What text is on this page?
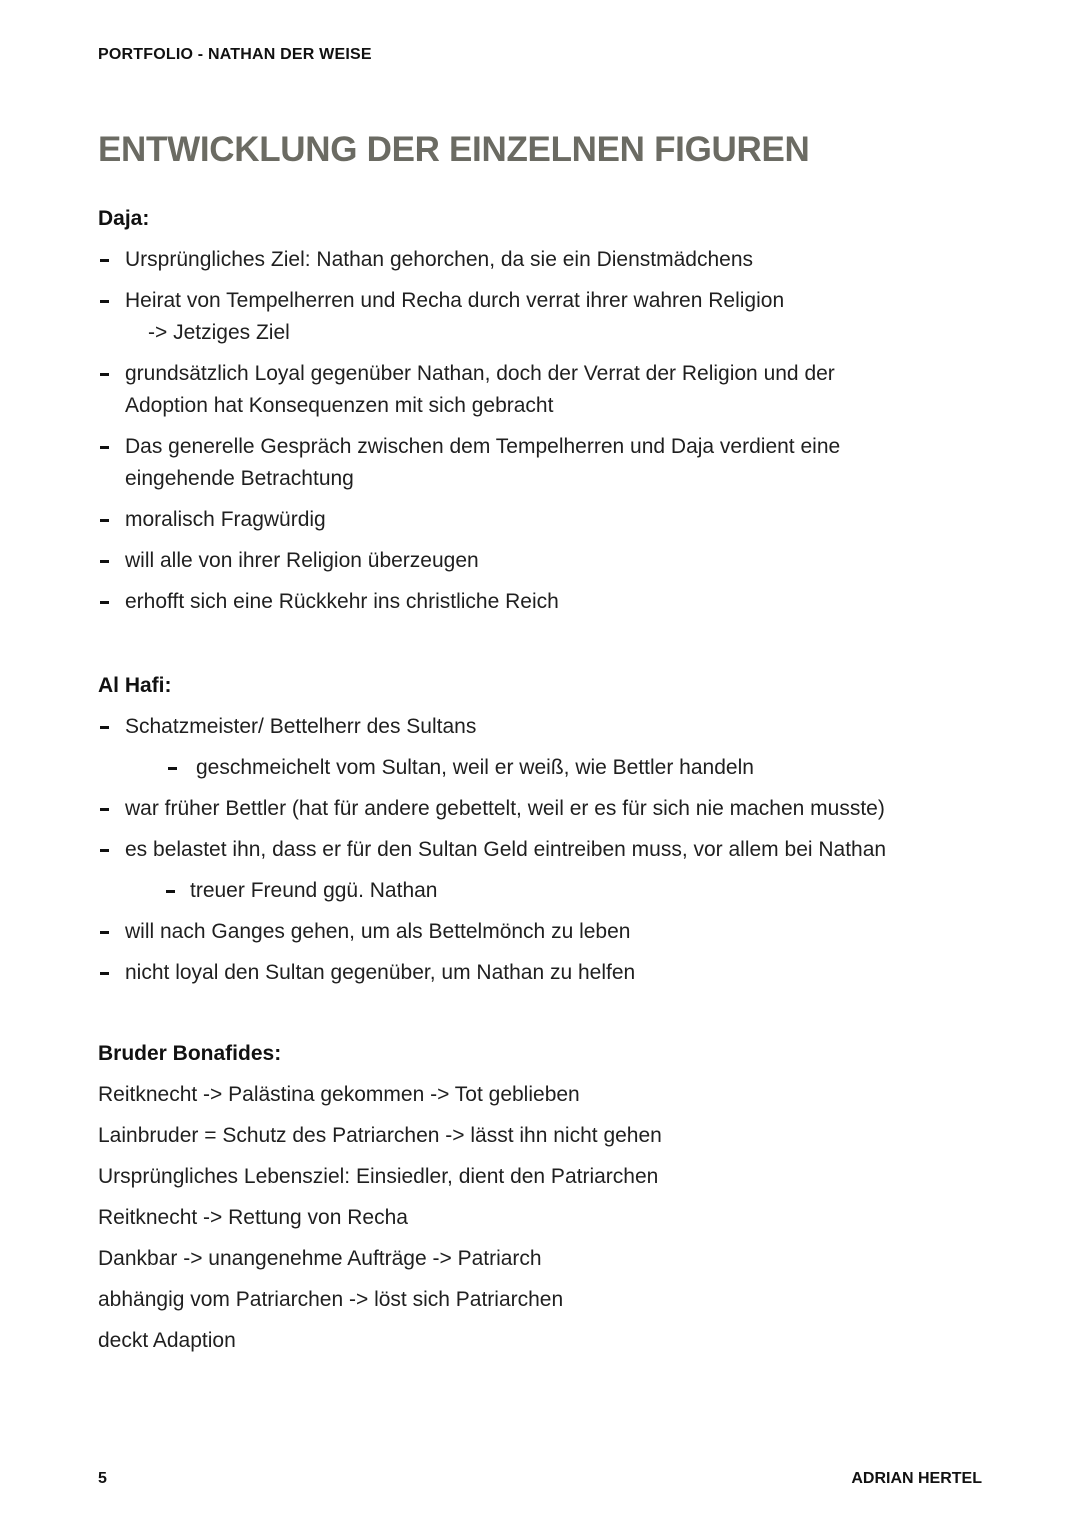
PORTFOLIO - NATHAN DER WEISE
ENTWICKLUNG DER EINZELNEN FIGUREN
Daja:
Ursprüngliches Ziel: Nathan gehorchen, da sie ein Dienstmädchens
Heirat von Tempelherren und Recha durch verrat ihrer wahren Religion
-> Jetziges Ziel
grundsätzlich Loyal gegenüber Nathan, doch der Verrat der Religion und der Adoption hat Konsequenzen mit sich gebracht
Das generelle Gespräch zwischen dem Tempelherren und Daja verdient eine eingehende Betrachtung
moralisch Fragwürdig
will alle von ihrer Religion überzeugen
erhofft sich eine Rückkehr ins christliche Reich
Al Hafi:
Schatzmeister/ Bettelherr des Sultans
geschmeichelt vom Sultan, weil er weiß, wie Bettler handeln
war früher Bettler (hat für andere gebettelt, weil er es für sich nie machen musste)
es belastet ihn, dass er für den Sultan Geld eintreiben muss, vor allem bei Nathan
treuer Freund ggü. Nathan
will nach Ganges gehen, um als Bettelmönch zu leben
nicht loyal den Sultan gegenüber, um Nathan zu helfen
Bruder Bonafides:
Reitknecht -> Palästina gekommen -> Tot geblieben
Lainbruder = Schutz des Patriarchen -> lässt ihn nicht gehen
Ursprüngliches Lebensziel: Einsiedler, dient den Patriarchen
Reitknecht -> Rettung von Recha
Dankbar -> unangenehme Aufträge -> Patriarch
abhängig vom Patriarchen -> löst sich Patriarchen
deckt Adaption
5	ADRIAN HERTEL
